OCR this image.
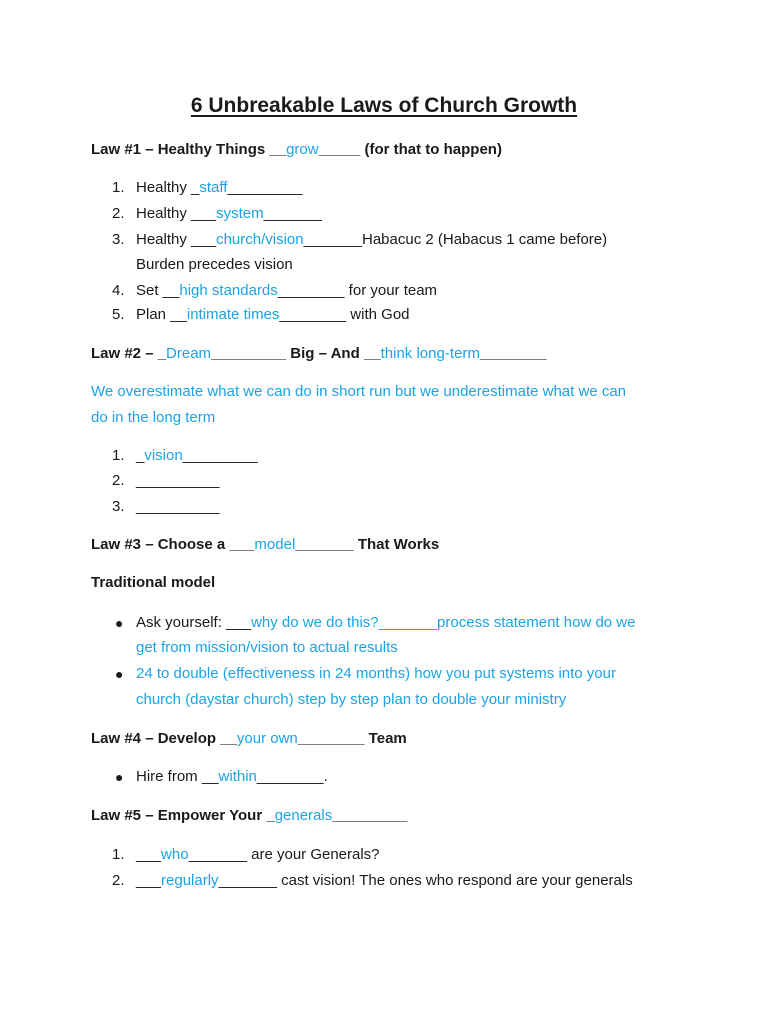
6 Unbreakable Laws of Church Growth
Law #1 – Healthy Things __grow_____ (for that to happen)
1. Healthy _staff_________
2. Healthy ___system_______
3. Healthy ___church/vision_______Habacuc 2 (Habacus 1 came before)
Burden precedes vision
4. Set __high standards________ for your team
5. Plan __intimate times________ with God
Law #2 – _Dream_________ Big – And __think long-term________
We overestimate what we can do in short run but we underestimate what we can
do in the long term
1. _vision_________
2. __________
3. __________
Law #3 – Choose a ___model_______ That Works
Traditional model
● Ask yourself: ___why do we do this?_______process statement how do we
get from mission/vision to actual results
● 24 to double (effectiveness in 24 months) how you put systems into your
church (daystar church) step by step plan to double your ministry
Law #4 – Develop __your own________ Team
● Hire from __within________.
Law #5 – Empower Your _generals_________
1. ___who_______ are your Generals?
2. ___regularly_______ cast vision! The ones who respond are your generals
